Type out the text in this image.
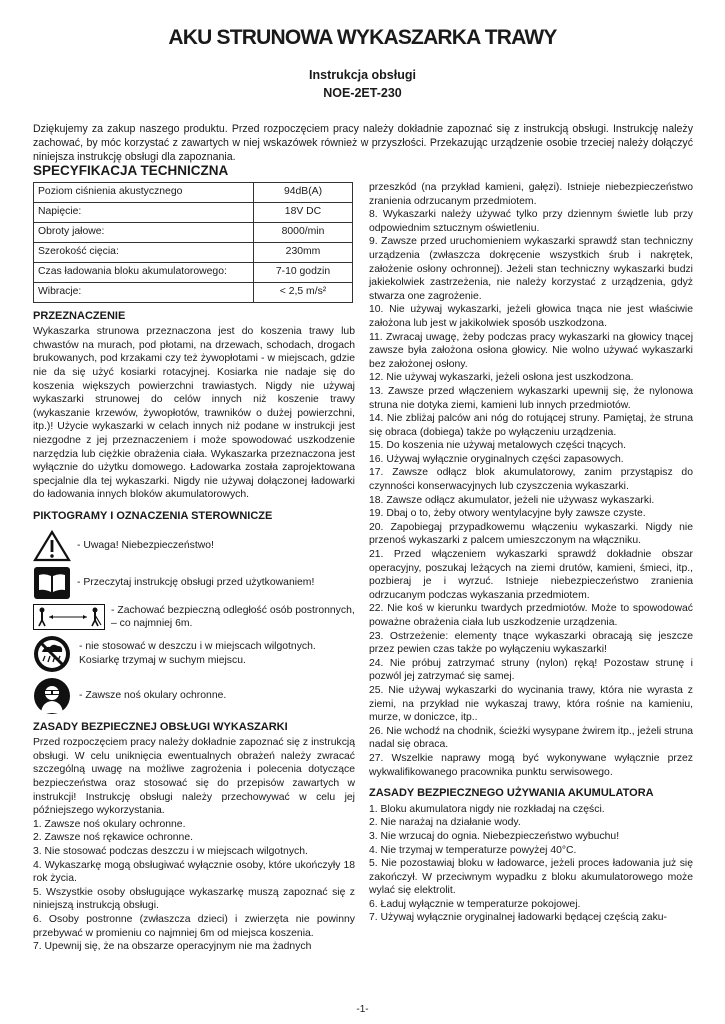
AKU STRUNOWA WYKASZARKA TRAWY

Instrukcja obsługi

NOE-2ET-230

Dziękujemy za zakup naszego produktu. Przed rozpoczęciem pracy należy dokładnie zapoznać się z instrukcją obsługi. Instrukcję należy zachować, by móc korzystać z zawartych w niej wskazówek również w przyszłości. Przekazując urządzenie osobie trzeciej należy dołączyć niniejsza instrukcję obsługi dla zapoznania.

SPECYFIKACJA TECHNICZNA
Poziom ciśnienia akustycznego	94dB(A)
Napięcie:	18V DC
Obroty jałowe:	8000/min
Szerokość cięcia:	230mm
Czas ładowania bloku akumulatorowego:	7-10 godzin
Wibracje:	< 2,5 m/s²
PRZEZNACZENIE

Wykaszarka strunowa przeznaczona jest do koszenia trawy lub chwastów na murach, pod płotami, na drzewach, schodach, drogach brukowanych, pod krzakami czy też żywopłotami - w miejscach, gdzie nie da się użyć kosiarki rotacyjnej. Kosiarka nie nadaje się do koszenia większych powierzchni trawiastych. Nigdy nie używaj wykaszarki strunowej do celów innych niż koszenie trawy (wykaszanie krzewów, żywopłotów, trawników o dużej powierzchni, itp.)! Użycie wykaszarki w celach innych niż podane w instrukcji jest niezgodne z jej przeznaczeniem i może spowodować uszkodzenie narzędzia lub ciężkie obrażenia ciała. Wykaszarka przeznaczona jest wyłącznie do użytku domowego. Ładowarka została zaprojektowana specjalnie dla tej wykaszarki. Nigdy nie używaj dołączonej ładowarki do ładowania innych bloków akumulatorowych.

PIKTOGRAMY I OZNACZENIA STEROWNICZE
- Uwaga! Niebezpieczeństwo!
- Przeczytaj instrukcję obsługi przed użytkowaniem!
- Zachować bezpieczną odległość osób postronnych, – co najmniej 6m.
- nie stosować w deszczu i w miejscach wilgotnych. Kosiarkę trzymaj w suchym miejscu.
- Zawsze noś okulary ochronne.
ZASADY BEZPIECZNEJ OBSŁUGI WYKASZARKI

Przed rozpoczęciem pracy należy dokładnie zapoznać się z instrukcją obsługi. W celu uniknięcia ewentualnych obrażeń należy zwracać szczególną uwagę na możliwe zagrożenia i polecenia dotyczące bezpieczeństwa oraz stosować się do przepisów zawartych w instrukcji! Instrukcję obsługi należy przechowywać w celu jej późniejszego wykorzystania.

1. Zawsze noś okulary ochronne.

2. Zawsze noś rękawice ochronne.

3. Nie stosować podczas deszczu i w miejscach wilgotnych.

4. Wykaszarkę mogą obsługiwać wyłącznie osoby, które ukończyły 18 rok życia.

5. Wszystkie osoby obsługujące wykaszarkę muszą zapoznać się z niniejszą instrukcją obsługi.

6. Osoby postronne (zwłaszcza dzieci) i zwierzęta nie powinny przebywać w promieniu co najmniej 6m od miejsca koszenia.

7. Upewnij się, że na obszarze operacyjnym nie ma żadnych

przeszkód (na przykład kamieni, gałęzi). Istnieje niebezpieczeństwo zranienia odrzucanym przedmiotem.

8. Wykaszarki należy używać tylko przy dziennym świetle lub przy odpowiednim sztucznym oświetleniu.

9. Zawsze przed uruchomieniem wykaszarki sprawdź stan techniczny urządzenia (zwłaszcza dokręcenie wszystkich śrub i nakrętek, założenie osłony ochronnej). Jeżeli stan techniczny wykaszarki budzi jakiekolwiek zastrzeżenia, nie należy korzystać z urządzenia, gdyż stwarza one zagrożenie.

10. Nie używaj wykaszarki, jeżeli głowica tnąca nie jest właściwie założona lub jest w jakikolwiek sposób uszkodzona.

11. Zwracaj uwagę, żeby podczas pracy wykaszarki na głowicy tnącej zawsze była założona osłona głowicy. Nie wolno używać wykaszarki bez założonej osłony.

12. Nie używaj wykaszarki, jeżeli osłona jest uszkodzona.

13. Zawsze przed włączeniem wykaszarki upewnij się, że nylonowa struna nie dotyka ziemi, kamieni lub innych przedmiotów.

14. Nie zbliżaj palców ani nóg do rotującej struny. Pamiętaj, że struna się obraca (dobiega) także po wyłączeniu urządzenia.

15. Do koszenia nie używaj metalowych części tnących.

16. Używaj wyłącznie oryginalnych części zapasowych.

17. Zawsze odłącz blok akumulatorowy, zanim przystąpisz do czynności konserwacyjnych lub czyszczenia wykaszarki.

18. Zawsze odłącz akumulator, jeżeli nie używasz wykaszarki.

19. Dbaj o to, żeby otwory wentylacyjne były zawsze czyste.

20. Zapobiegaj przypadkowemu włączeniu wykaszarki. Nigdy nie przenoś wykaszarki z palcem umieszczonym na włączniku.

21. Przed włączeniem wykaszarki sprawdź dokładnie obszar operacyjny, poszukaj leżących na ziemi drutów, kamieni, śmieci, itp., pozbieraj je i wyrzuć. Istnieje niebezpieczeństwo zranienia odrzucanym podczas wykaszania przedmiotem.

22. Nie koś w kierunku twardych przedmiotów. Może to spowodować poważne obrażenia ciała lub uszkodzenie urządzenia.

23. Ostrzeżenie: elementy tnące wykaszarki obracają się jeszcze przez pewien czas także po wyłączeniu wykaszarki!

24. Nie próbuj zatrzymać struny (nylon) ręką! Pozostaw strunę i pozwól jej zatrzymać się samej.

25. Nie używaj wykaszarki do wycinania trawy, która nie wyrasta z ziemi, na przykład nie wykaszaj trawy, która rośnie na kamieniu, murze, w doniczce, itp..

26. Nie wchodź na chodnik, ścieżki wysypane żwirem itp., jeżeli struna nadal się obraca.

27. Wszelkie naprawy mogą być wykonywane wyłącznie przez wykwalifikowanego pracownika punktu serwisowego.

ZASADY BEZPIECZNEGO UŻYWANIA AKUMULATORA

1. Bloku akumulatora nigdy nie rozkładaj na części.

2. Nie narażaj na działanie wody.

3. Nie wrzucaj do ognia. Niebezpieczeństwo wybuchu!

4. Nie trzymaj w temperaturze powyżej 40°C.

5. Nie pozostawiaj bloku w ładowarce, jeżeli proces ładowania już się zakończył. W przeciwnym wypadku z bloku akumulatorowego może wylać się elektrolit.

6. Ładuj wyłącznie w temperaturze pokojowej.

7. Używaj wyłącznie oryginalnej ładowarki będącej częścią zaku-

-1-
